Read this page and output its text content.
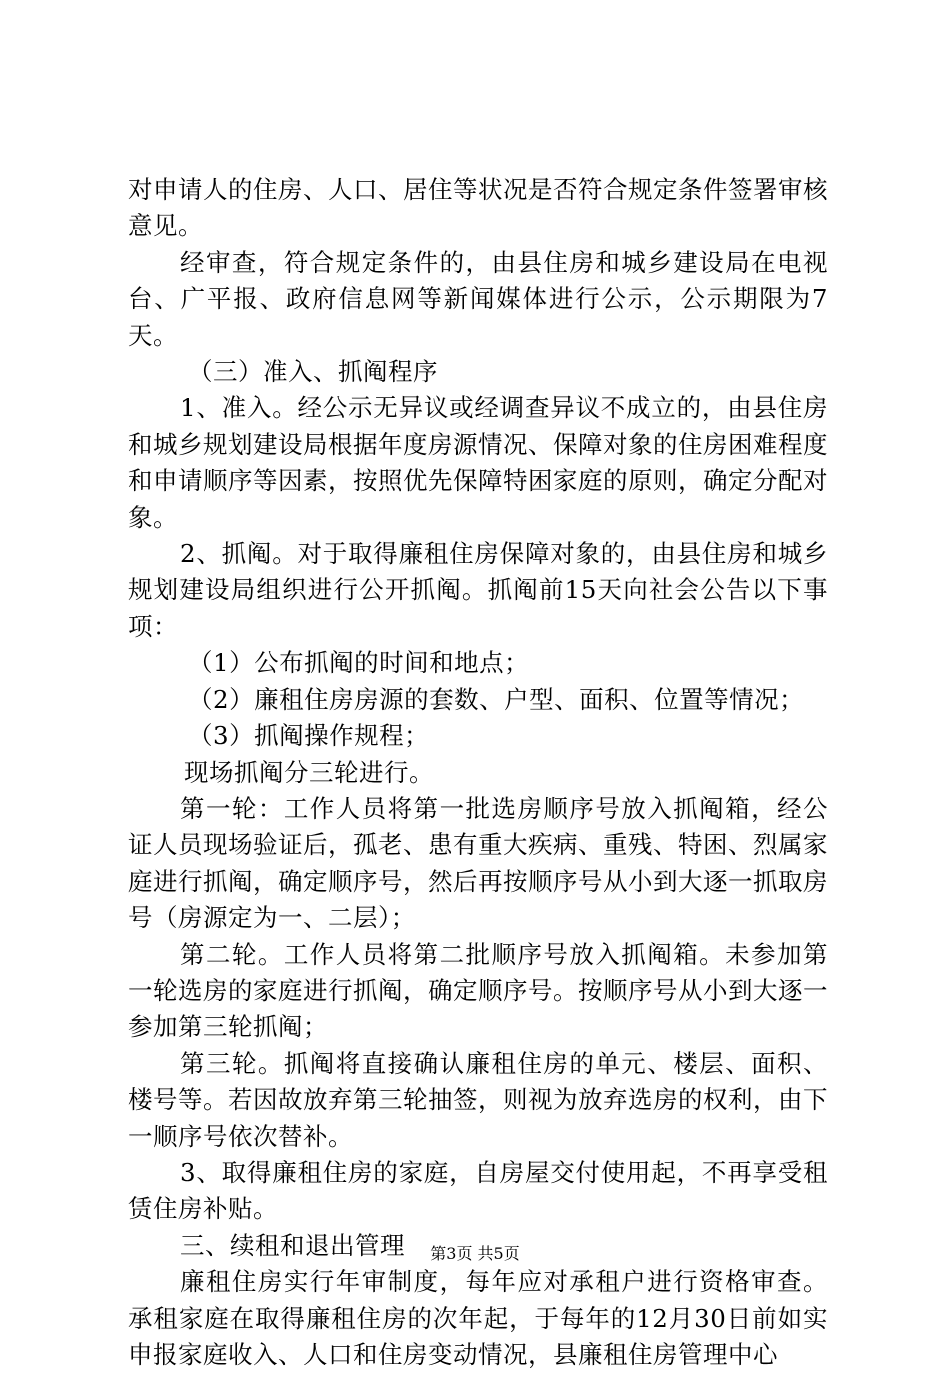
对申请人的住房、人口、居住等状况是否符合规定条件签署审核意见。

经审查，符合规定条件的，由县住房和城乡建设局在电视台、广平报、政府信息网等新闻媒体进行公示，公示期限为7天。

（三）准入、抓阄程序

1、准入。经公示无异议或经调查异议不成立的，由县住房和城乡规划建设局根据年度房源情况、保障对象的住房困难程度和申请顺序等因素，按照优先保障特困家庭的原则，确定分配对象。

2、抓阄。对于取得廉租住房保障对象的，由县住房和城乡规划建设局组织进行公开抓阄。抓阄前15天向社会公告以下事项：

（1）公布抓阄的时间和地点；

（2）廉租住房房源的套数、户型、面积、位置等情况；

（3）抓阄操作规程；

现场抓阄分三轮进行。

第一轮：工作人员将第一批选房顺序号放入抓阄箱，经公证人员现场验证后，孤老、患有重大疾病、重残、特困、烈属家庭进行抓阄，确定顺序号，然后再按顺序号从小到大逐一抓取房号（房源定为一、二层）；

第二轮。工作人员将第二批顺序号放入抓阄箱。未参加第一轮选房的家庭进行抓阄，确定顺序号。按顺序号从小到大逐一参加第三轮抓阄；

第三轮。抓阄将直接确认廉租住房的单元、楼层、面积、楼号等。若因故放弃第三轮抽签，则视为放弃选房的权利，由下一顺序号依次替补。

3、取得廉租住房的家庭，自房屋交付使用起，不再享受租赁住房补贴。

三、续租和退出管理

廉租住房实行年审制度，每年应对承租户进行资格审查。承租家庭在取得廉租住房的次年起，于每年的12月30日前如实申报家庭收入、人口和住房变动情况，县廉租住房管理中心

第3页 共5页
